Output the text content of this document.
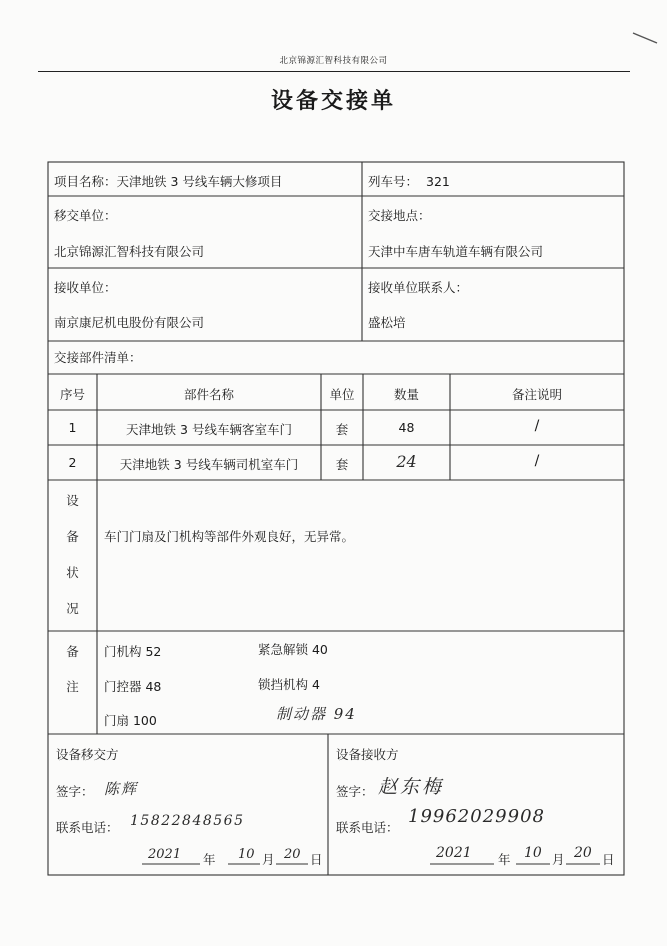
北京锦源汇智科技有限公司
设备交接单
项目名称：天津地铁 3 号线车辆大修项目	列车号： 321
移交单位：
北京锦源汇智科技有限公司
交接地点：
天津中车唐车轨道车辆有限公司
接收单位：
南京康尼机电股份有限公司
接收单位联系人：
盛松培
交接部件清单：
序号	部件名称	单位	数量	备注说明
1	天津地铁 3 号线车辆客室车门	套	48	/
2	天津地铁 3 号线车辆司机室车门	套	24	/
设
备
状
况
车门门扇及门机构等部件外观良好，无异常。
备
注
门机构 52	紧急解锁 40
门控器 48	锁挡机构 4
门扇 100	制动器 94
设备移交方
签字： 陈辉
联系电话： 15822848565
2021 年 10 月 20 日
设备接收方
签字： 赵东梅
联系电话：
19962029908
2021 年 10 月 20 日
